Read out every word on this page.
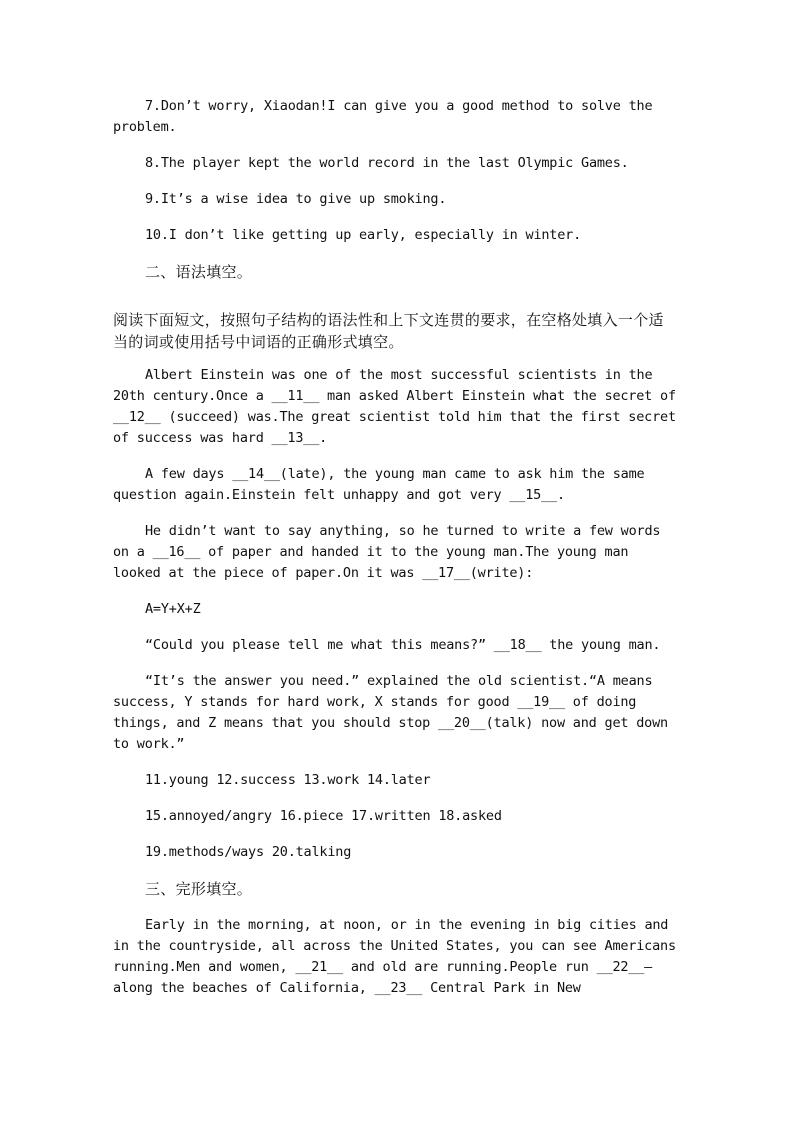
7.Don’t worry, Xiaodan!I can give you a good method to solve the problem.

8.The player kept the world record in the last Olympic Games.

9.It’s a wise idea to give up smoking.

10.I don’t like getting up early, especially in winter.

二、语法填空。

阅读下面短文，按照句子结构的语法性和上下文连贯的要求，在空格处填入一个适当的词或使用括号中词语的正确形式填空。

Albert Einstein was one of the most successful scientists in the 20th century.Once a __11__ man asked Albert Einstein what the secret of __12__ (succeed) was.The great scientist told him that the first secret of success was hard __13__.

A few days __14__(late), the young man came to ask him the same question again.Einstein felt unhappy and got very __15__.

He didn’t want to say anything, so he turned to write a few words on a __16__ of paper and handed it to the young man.The young man looked at the piece of paper.On it was __17__(write):

A=Y+X+Z

“Could you please tell me what this means?” __18__ the young man.

“It’s the answer you need.” explained the old scientist.“A means success, Y stands for hard work, X stands for good __19__ of doing things, and Z means that you should stop __20__(talk) now and get down to work.”

11.young 12.success 13.work 14.later

15.annoyed/angry 16.piece 17.written 18.asked

19.methods/ways 20.talking

三、完形填空。

Early in the morning, at noon, or in the evening in big cities and in the countryside, all across the United States, you can see Americans running.Men and women, __21__ and old are running.People run __22__—along the beaches of California, __23__ Central Park in New
